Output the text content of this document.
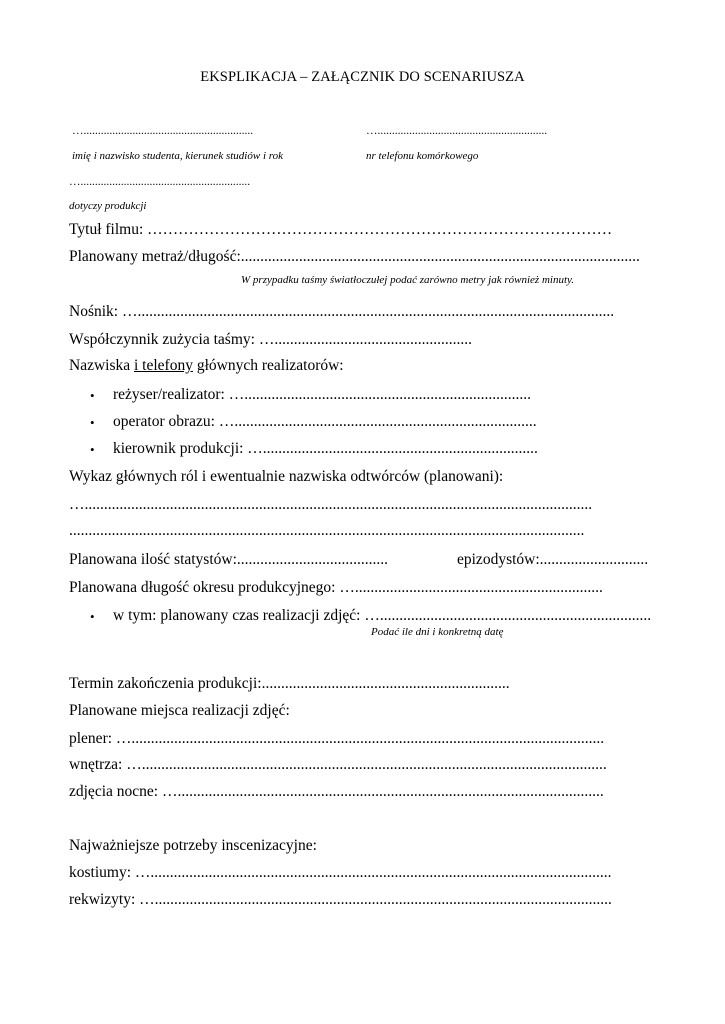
EKSPLIKACJA – ZAŁĄCZNIK DO SCENARIUSZA
…...........................................................	…...........................................................
imię i nazwisko studenta, kierunek studiów i rok	nr telefonu komórkowego
…...........................................................
dotyczy produkcji
Tytuł filmu: ………………………………………………………………………………
Planowany metraż/długość:.......................................................................................................
W przypadku taśmy światłoczułej podać zarówno metry jak również minuty.
Nośnik: …...........................................................................................................................
Współczynnik zużycia taśmy: …...................................................
Nazwiska i telefony głównych realizatorów:
• reżyser/realizator: …..........................................................................
• operator obrazu: …..............................................................................
• kierownik produkcji: ….......................................................................
Wykaz głównych ról i ewentualnie nazwiska odtwórców (planowani):
…...................................................................................................................................
.....................................................................................................................................
Planowana ilość statystów:.......................................	epizodystów:............................
Planowana długość okresu produkcyjnego: …................................................................
• w tym: planowany czas realizacji zdjęć: …......................................................................
Podać ile dni i konkretną datę
Termin zakończenia produkcji:................................................................
Planowane miejsca realizacji zdjęć:
plener: …..........................................................................................................................
wnętrza: …........................................................................................................................
zdjęcia nocne: …..............................................................................................................
Najważniejsze potrzeby inscenizacyjne:
kostiumy: ….......................................................................................................................
rekwizyty: …......................................................................................................................
